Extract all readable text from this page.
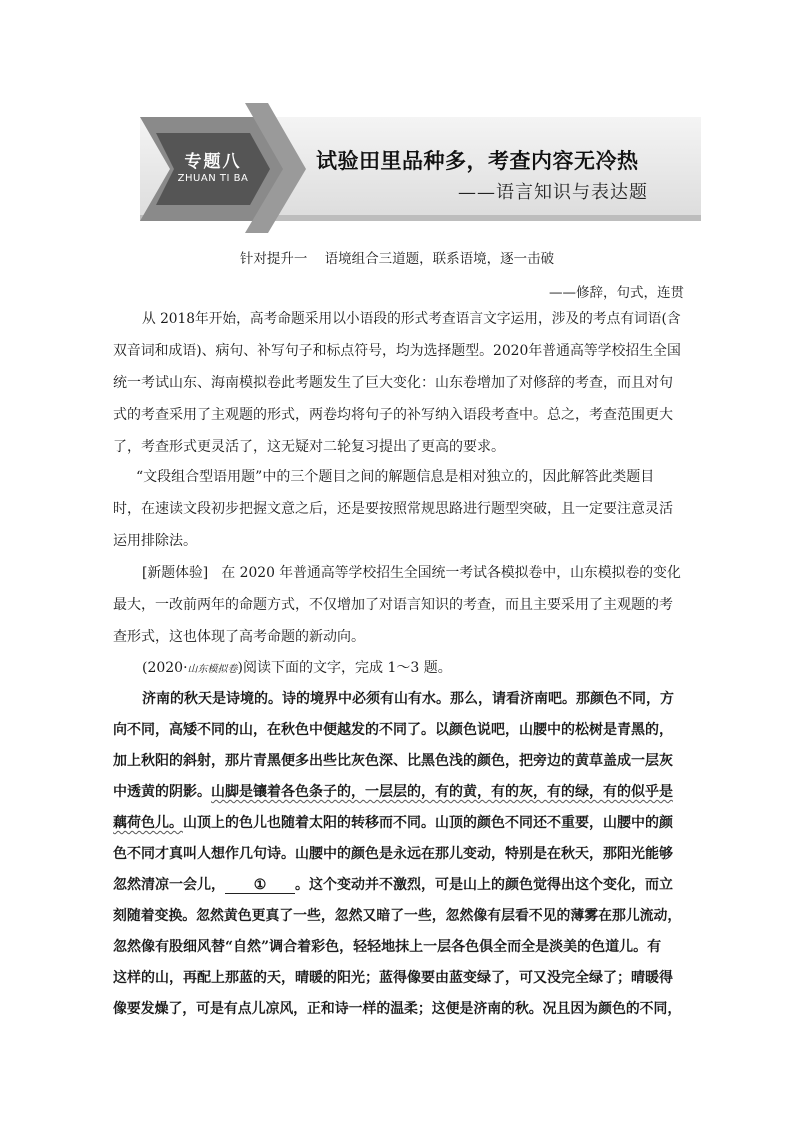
专题八
ZHUAN TI BA
试验田里品种多，考查内容无冷热
——语言知识与表达题
针对提升一    语境组合三道题，联系语境，逐一击破
——修辞，句式，连贯
从 2018年开始，高考命题采用以小语段的形式考查语言文字运用，涉及的考点有词语(含
双音词和成语)、病句、补写句子和标点符号，均为选择题型。2020年普通高等学校招生全国
统一考试山东、海南模拟卷此考题发生了巨大变化：山东卷增加了对修辞的考查，而且对句
式的考查采用了主观题的形式，两卷均将句子的补写纳入语段考查中。总之，考查范围更大
了，考查形式更灵活了，这无疑对二轮复习提出了更高的要求。
“文段组合型语用题”中的三个题目之间的解题信息是相对独立的，因此解答此类题目
时，在速读文段初步把握文意之后，还是要按照常规思路进行题型突破，且一定要注意灵活
运用排除法。
[新题体验] 在 2020 年普通高等学校招生全国统一考试各模拟卷中，山东模拟卷的变化
最大，一改前两年的命题方式，不仅增加了对语言知识的考查，而且主要采用了主观题的考
查形式，这也体现了高考命题的新动向。
(2020·山东模拟卷)阅读下面的文字，完成 1～3 题。
济南的秋天是诗境的。诗的境界中必须有山有水。那么，请看济南吧。那颜色不同，方
向不同，高矮不同的山，在秋色中便越发的不同了。以颜色说吧，山腰中的松树是青黑的，
加上秋阳的斜射，那片青黑便多出些比灰色深、比黑色浅的颜色，把旁边的黄草盖成一层灰
中透黄的阴影。山脚是镶着各色条子的，一层层的，有的黄，有的灰，有的绿，有的似乎是
藕荷色儿。山顶上的色儿也随着太阳的转移而不同。山顶的颜色不同还不重要，山腰中的颜
色不同才真叫人想作几句诗。山腰中的颜色是永远在那儿变动，特别是在秋天，那阳光能够
忽然清凉一会儿， ① 。这个变动并不激烈，可是山上的颜色觉得出这个变化，而立
刻随着变换。忽然黄色更真了一些，忽然又暗了一些，忽然像有层看不见的薄雾在那儿流动，
忽然像有股细风替“自然”调合着彩色，轻轻地抹上一层各色俱全而全是淡美的色道儿。有
这样的山，再配上那蓝的天，晴暖的阳光；蓝得像要由蓝变绿了，可又没完全绿了；晴暖得
像要发燥了，可是有点儿凉风，正和诗一样的温柔；这便是济南的秋。况且因为颜色的不同，
